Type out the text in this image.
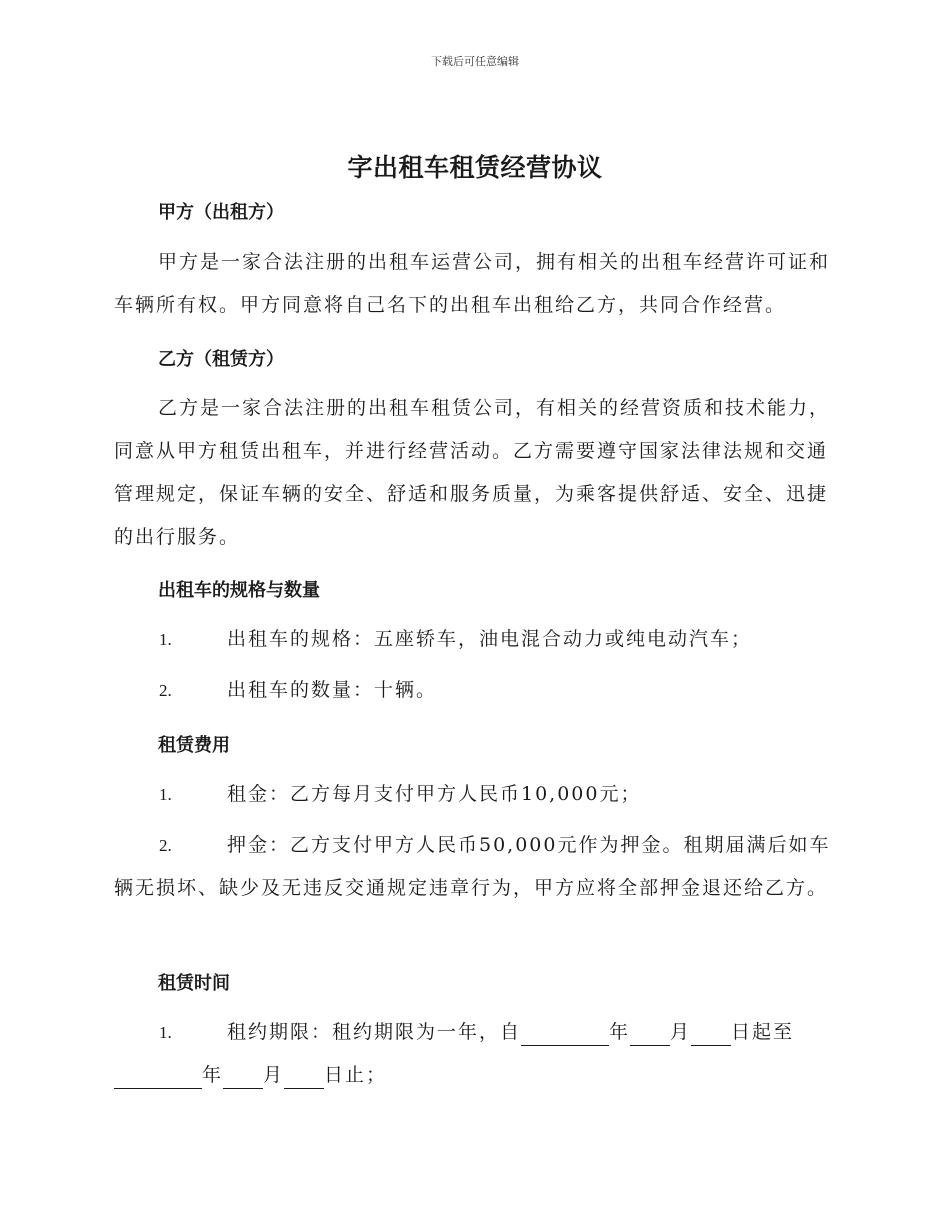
下载后可任意编辑
字出租车租赁经营协议
甲方（出租方）

甲方是一家合法注册的出租车运营公司，拥有相关的出租车经营许可证和车辆所有权。甲方同意将自己名下的出租车出租给乙方，共同合作经营。

乙方（租赁方）

乙方是一家合法注册的出租车租赁公司，有相关的经营资质和技术能力，同意从甲方租赁出租车，并进行经营活动。乙方需要遵守国家法律法规和交通管理规定，保证车辆的安全、舒适和服务质量，为乘客提供舒适、安全、迅捷的出行服务。

出租车的规格与数量
1.	出租车的规格：五座轿车，油电混合动力或纯电动汽车；
2.	出租车的数量：十辆。
租赁费用
1.	租金：乙方每月支付甲方人民币10,000元；
2.	押金：乙方支付甲方人民币50,000元作为押金。租期届满后如车辆无损坏、缺少及无违反交通规定违章行为，甲方应将全部押金退还给乙方。
租赁时间
1.	租约期限：租约期限为一年，自	年 月 日起至年 月 日止；
